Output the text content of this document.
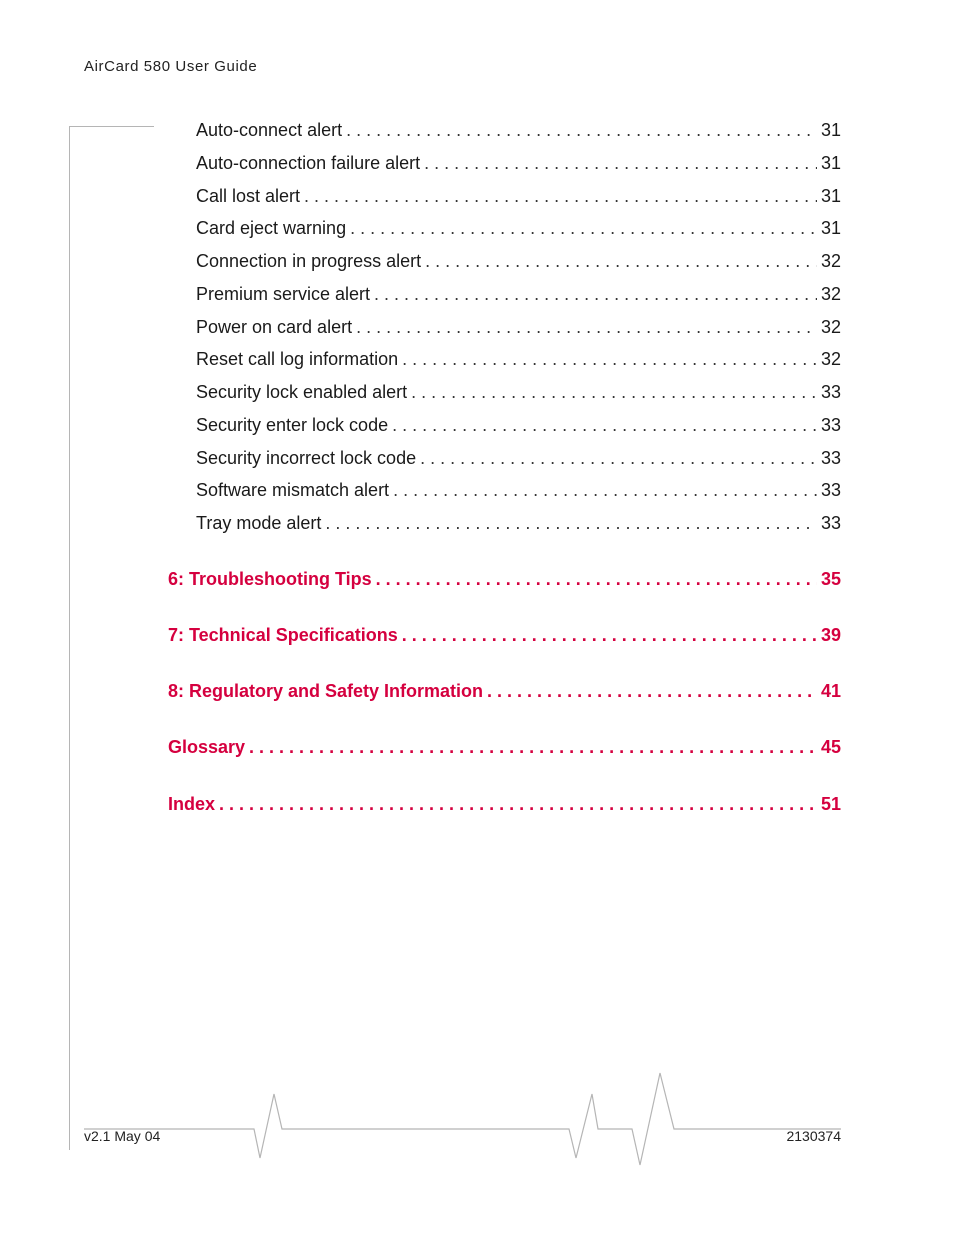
AirCard 580 User Guide
Auto-connect alert . . .	31
Auto-connection failure alert . . .	31
Call lost alert . . .	31
Card eject warning . . .	31
Connection in progress alert . . .	32
Premium service alert . . .	32
Power on card alert . . .	32
Reset call log information . . .	32
Security lock enabled alert . . .	33
Security enter lock code . . .	33
Security incorrect lock code . . .	33
Software mismatch alert . . .	33
Tray mode alert . . .	33
6: Troubleshooting Tips . . .	35
7: Technical Specifications . . .	39
8: Regulatory and Safety Information . . .	41
Glossary . . .	45
Index . . .	51
v2.1 May 04	2130374
